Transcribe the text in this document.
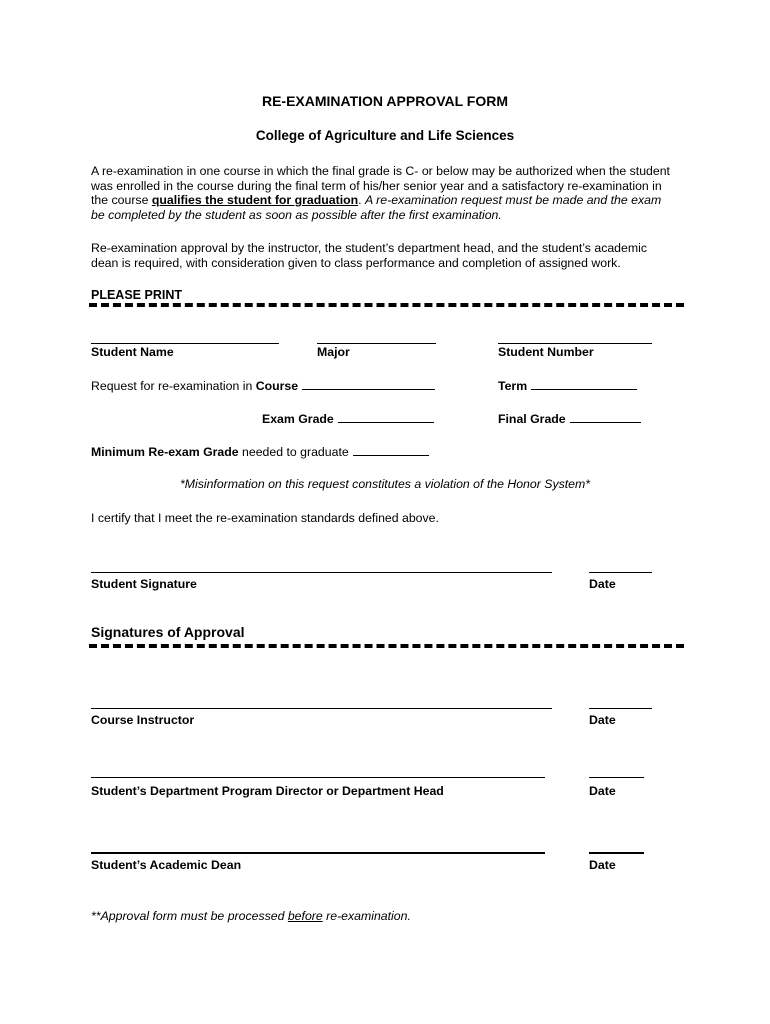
RE-EXAMINATION APPROVAL FORM
College of Agriculture and Life Sciences
A re-examination in one course in which the final grade is C- or below may be authorized when the student was enrolled in the course during the final term of his/her senior year and a satisfactory re-examination in the course qualifies the student for graduation. A re-examination request must be made and the exam be completed by the student as soon as possible after the first examination.
Re-examination approval by the instructor, the student’s department head, and the student’s academic dean is required, with consideration given to class performance and completion of assigned work.
PLEASE PRINT
Student Name	Major	Student Number
Request for re-examination in Course	Term
Exam Grade	Final Grade
Minimum Re-exam Grade needed to graduate
*Misinformation on this request constitutes a violation of the Honor System*
I certify that I meet the re-examination standards defined above.
Student Signature	Date
Signatures of Approval
Course Instructor	Date
Student’s Department Program Director or Department Head	Date
Student’s Academic Dean	Date
**Approval form must be processed before re-examination.
